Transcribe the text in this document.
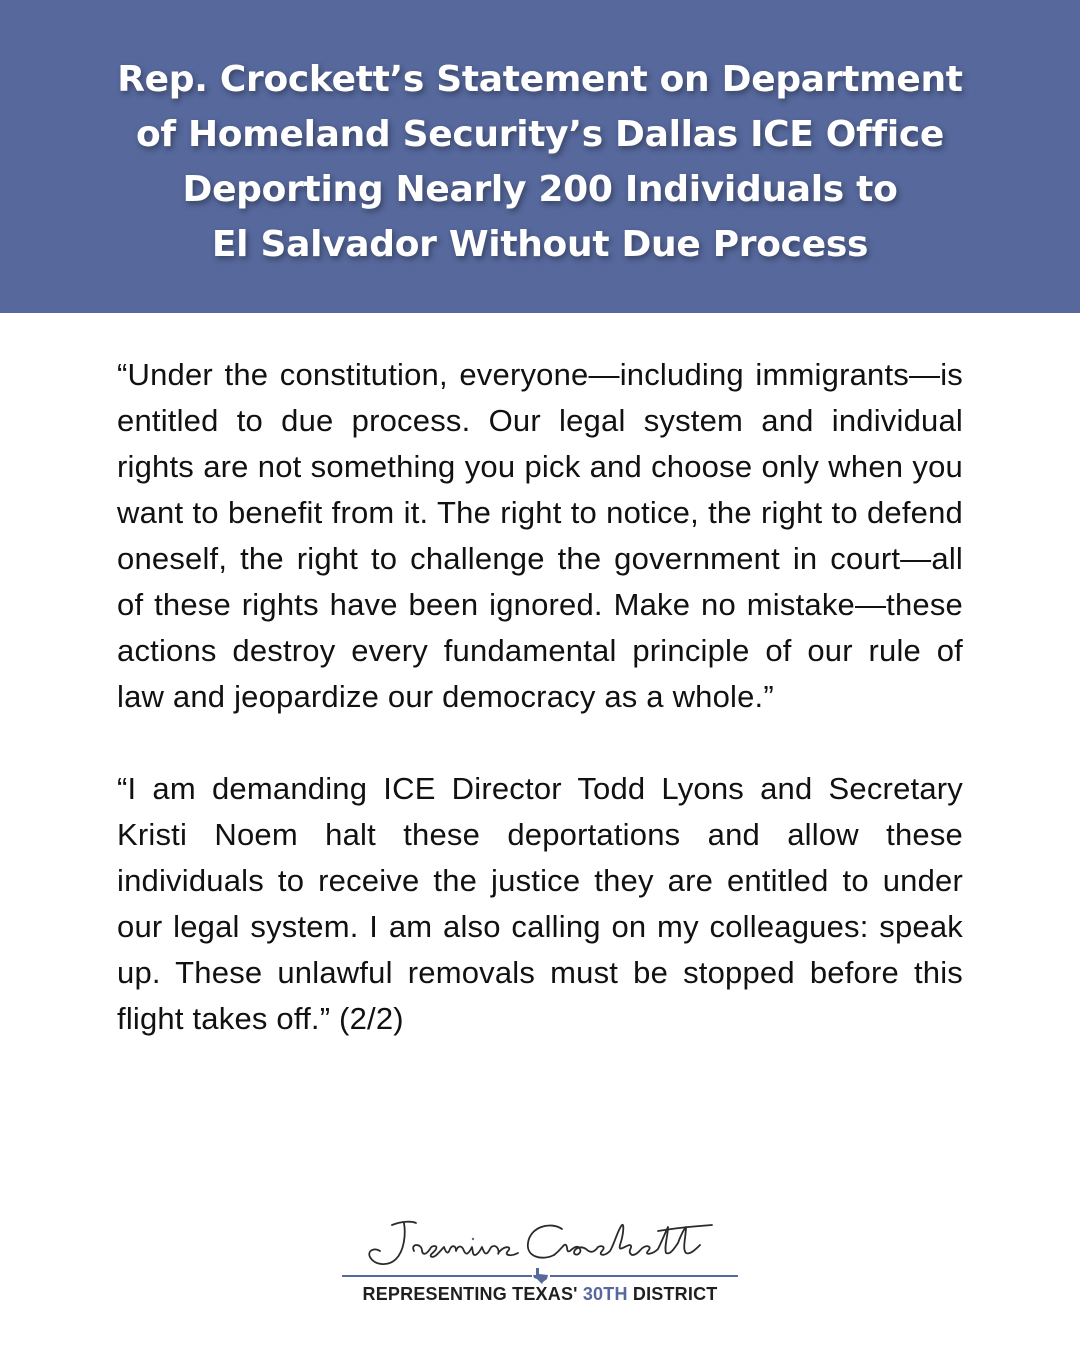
Rep. Crockett’s Statement on Department
of Homeland Security’s Dallas ICE Office
Deporting Nearly 200 Individuals to
El Salvador Without Due Process

“Under the constitution, everyone—including immigrants—is entitled to due process. Our legal system and individual rights are not something you pick and choose only when you want to benefit from it. The right to notice, the right to defend oneself, the right to challenge the government in court—all of these rights have been ignored. Make no mistake—these actions destroy every fundamental principle of our rule of law and jeopardize our democracy as a whole.”

“I am demanding ICE Director Todd Lyons and Secretary Kristi Noem halt these deportations and allow these individuals to receive the justice they are entitled to under our legal system. I am also calling on my colleagues: speak up. These unlawful removals must be stopped before this flight takes off.” (2/2)

REPRESENTING TEXAS' 30TH DISTRICT
